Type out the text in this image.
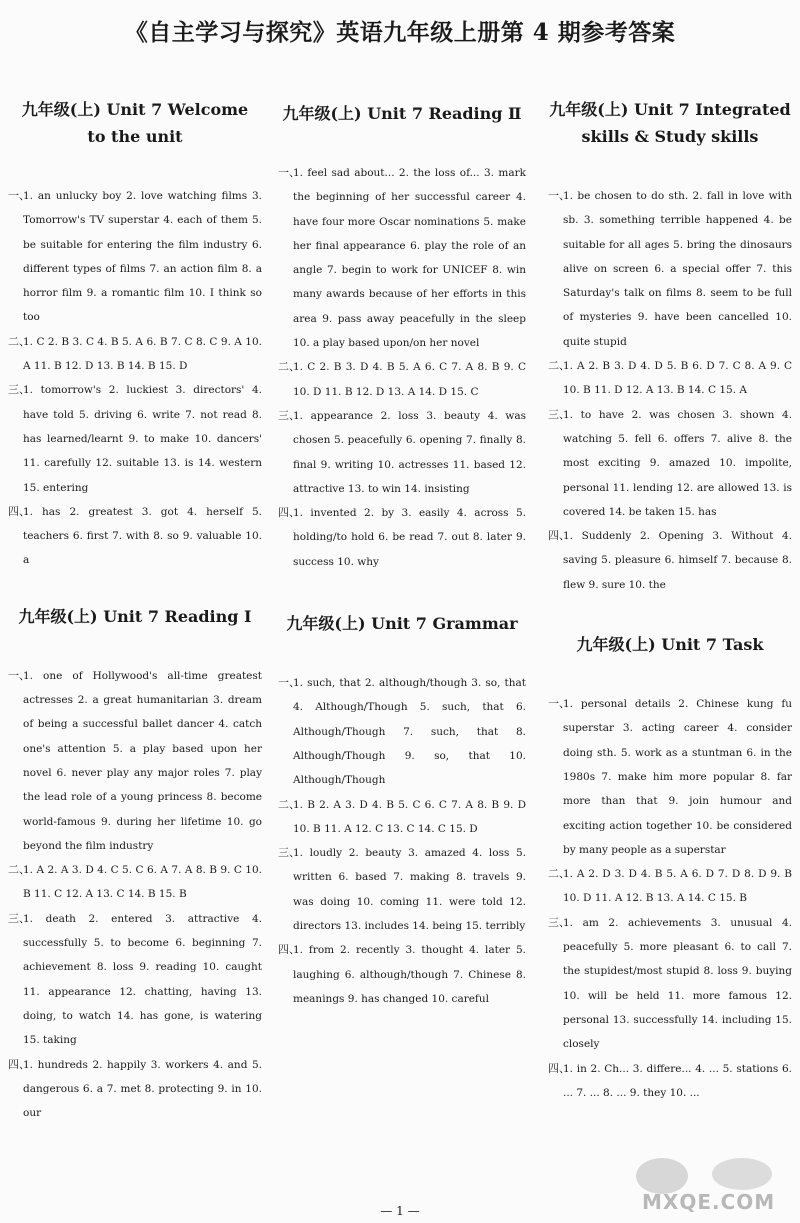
《自主学习与探究》英语九年级上册第 4 期参考答案
九年级(上) Unit 7 Welcome
to the unit
一、
1. an unlucky boy 2. love watching films 3. Tomorrow's TV superstar 4. each of them 5. be suitable for entering the film industry 6. different types of films 7. an action film 8. a horror film 9. a romantic film 10. I think so too
二、
1. C 2. B 3. C 4. B 5. A 6. B 7. C 8. C 9. A 10. A 11. B 12. D 13. B 14. B 15. D
三、
1. tomorrow's 2. luckiest 3. directors' 4. have told 5. driving 6. write 7. not read 8. has learned/learnt 9. to make 10. dancers' 11. carefully 12. suitable 13. is 14. western 15. entering
四、
1. has 2. greatest 3. got 4. herself 5. teachers 6. first 7. with 8. so 9. valuable 10. a
九年级(上) Unit 7 Reading Ⅰ
一、
1. one of Hollywood's all-time greatest actresses 2. a great humanitarian 3. dream of being a successful ballet dancer 4. catch one's attention 5. a play based upon her novel 6. never play any major roles 7. play the lead role of a young princess 8. become world-famous 9. during her lifetime 10. go beyond the film industry
二、
1. A 2. A 3. D 4. C 5. C 6. A 7. A 8. B 9. C 10. B 11. C 12. A 13. C 14. B 15. B
三、
1. death 2. entered 3. attractive 4. successfully 5. to become 6. beginning 7. achievement 8. loss 9. reading 10. caught 11. appearance 12. chatting, having 13. doing, to watch 14. has gone, is watering 15. taking
四、
1. hundreds 2. happily 3. workers 4. and 5. dangerous 6. a 7. met 8. protecting 9. in 10. our
九年级(上) Unit 7 Reading Ⅱ
一、
1. feel sad about... 2. the loss of... 3. mark the beginning of her successful career 4. have four more Oscar nominations 5. make her final appearance 6. play the role of an angle 7. begin to work for UNICEF 8. win many awards because of her efforts in this area 9. pass away peacefully in the sleep 10. a play based upon/on her novel
二、
1. C 2. B 3. D 4. B 5. A 6. C 7. A 8. B 9. C 10. D 11. B 12. D 13. A 14. D 15. C
三、
1. appearance 2. loss 3. beauty 4. was chosen 5. peacefully 6. opening 7. finally 8. final 9. writing 10. actresses 11. based 12. attractive 13. to win 14. insisting
四、
1. invented 2. by 3. easily 4. across 5. holding/to hold 6. be read 7. out 8. later 9. success 10. why
九年级(上) Unit 7 Grammar
一、
1. such, that 2. although/though 3. so, that 4. Although/Though 5. such, that 6. Although/Though 7. such, that 8. Although/Though 9. so, that 10. Although/Though
二、
1. B 2. A 3. D 4. B 5. C 6. C 7. A 8. B 9. D 10. B 11. A 12. C 13. C 14. C 15. D
三、
1. loudly 2. beauty 3. amazed 4. loss 5. written 6. based 7. making 8. travels 9. was doing 10. coming 11. were told 12. directors 13. includes 14. being 15. terribly
四、
1. from 2. recently 3. thought 4. later 5. laughing 6. although/though 7. Chinese 8. meanings 9. has changed 10. careful
九年级(上) Unit 7 Integrated
skills & Study skills
一、
1. be chosen to do sth. 2. fall in love with sb. 3. something terrible happened 4. be suitable for all ages 5. bring the dinosaurs alive on screen 6. a special offer 7. this Saturday's talk on films 8. seem to be full of mysteries 9. have been cancelled 10. quite stupid
二、
1. A 2. B 3. D 4. D 5. B 6. D 7. C 8. A 9. C 10. B 11. D 12. A 13. B 14. C 15. A
三、
1. to have 2. was chosen 3. shown 4. watching 5. fell 6. offers 7. alive 8. the most exciting 9. amazed 10. impolite, personal 11. lending 12. are allowed 13. is covered 14. be taken 15. has
四、
1. Suddenly 2. Opening 3. Without 4. saving 5. pleasure 6. himself 7. because 8. flew 9. sure 10. the
九年级(上) Unit 7 Task
一、
1. personal details 2. Chinese kung fu superstar 3. acting career 4. consider doing sth. 5. work as a stuntman 6. in the 1980s 7. make him more popular 8. far more than that 9. join humour and exciting action together 10. be considered by many people as a superstar
二、
1. A 2. D 3. D 4. B 5. A 6. D 7. D 8. D 9. B 10. D 11. A 12. B 13. A 14. C 15. B
三、
1. am 2. achievements 3. unusual 4. peacefully 5. more pleasant 6. to call 7. the stupidest/most stupid 8. loss 9. buying 10. will be held 11. more famous 12. personal 13. successfully 14. including 15. closely
四、
1. in 2. Ch... 3. differe... 4. ... 5. stations 6. ... 7. ... 8. ... 9. they 10. ...
MXQE.COM
— 1 —
